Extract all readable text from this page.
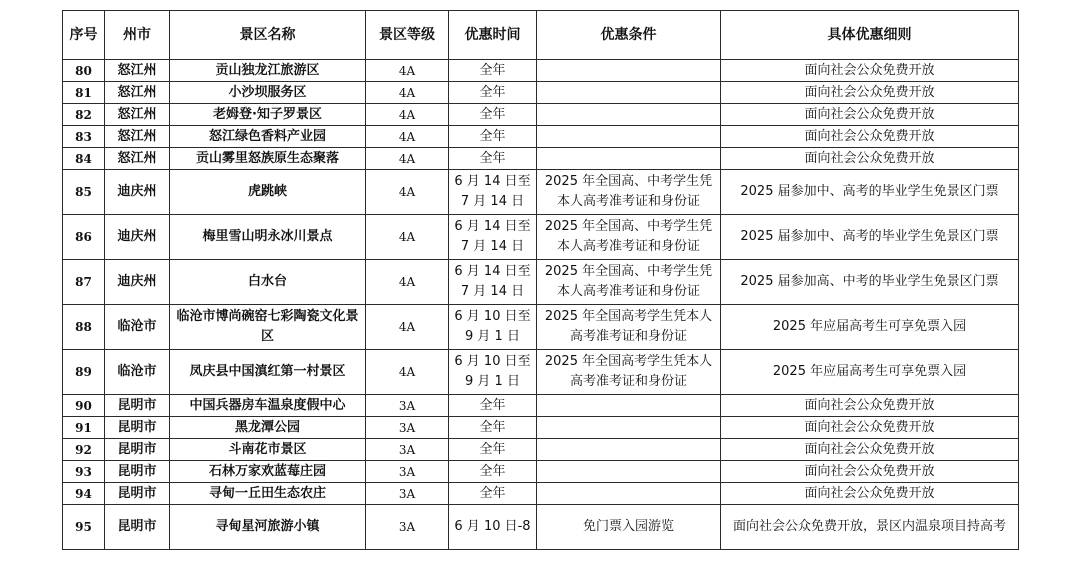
序号	州市	景区名称	景区等级	优惠时间	优惠条件	具体优惠细则
80	怒江州	贡山独龙江旅游区	4A	全年		面向社会公众免费开放
81	怒江州	小沙坝服务区	4A	全年		面向社会公众免费开放
82	怒江州	老姆登·知子罗景区	4A	全年		面向社会公众免费开放
83	怒江州	怒江绿色香料产业园	4A	全年		面向社会公众免费开放
84	怒江州	贡山雾里怒族原生态聚落	4A	全年		面向社会公众免费开放
85	迪庆州	虎跳峡	4A	6 月 14 日至 7 月 14 日	2025 年全国高、中考学生凭本人高考准考证和身份证	2025 届参加中、高考的毕业学生免景区门票
86	迪庆州	梅里雪山明永冰川景点	4A	6 月 14 日至 7 月 14 日	2025 年全国高、中考学生凭本人高考准考证和身份证	2025 届参加中、高考的毕业学生免景区门票
87	迪庆州	白水台	4A	6 月 14 日至 7 月 14 日	2025 年全国高、中考学生凭本人高考准考证和身份证	2025 届参加高、中考的毕业学生免景区门票
88	临沧市	临沧市博尚碗窑七彩陶瓷文化景区	4A	6 月 10 日至 9 月 1 日	2025 年全国高考学生凭本人高考准考证和身份证	2025 年应届高考生可享免票入园
89	临沧市	凤庆县中国滇红第一村景区	4A	6 月 10 日至 9 月 1 日	2025 年全国高考学生凭本人高考准考证和身份证	2025 年应届高考生可享免票入园
90	昆明市	中国兵器房车温泉度假中心	3A	全年		面向社会公众免费开放
91	昆明市	黑龙潭公园	3A	全年		面向社会公众免费开放
92	昆明市	斗南花市景区	3A	全年		面向社会公众免费开放
93	昆明市	石林万家欢蓝莓庄园	3A	全年		面向社会公众免费开放
94	昆明市	寻甸一丘田生态农庄	3A	全年		面向社会公众免费开放
95	昆明市	寻甸星河旅游小镇	3A	6 月 10 日-8	免门票入园游览	面向社会公众免费开放，景区内温泉项目持高考
